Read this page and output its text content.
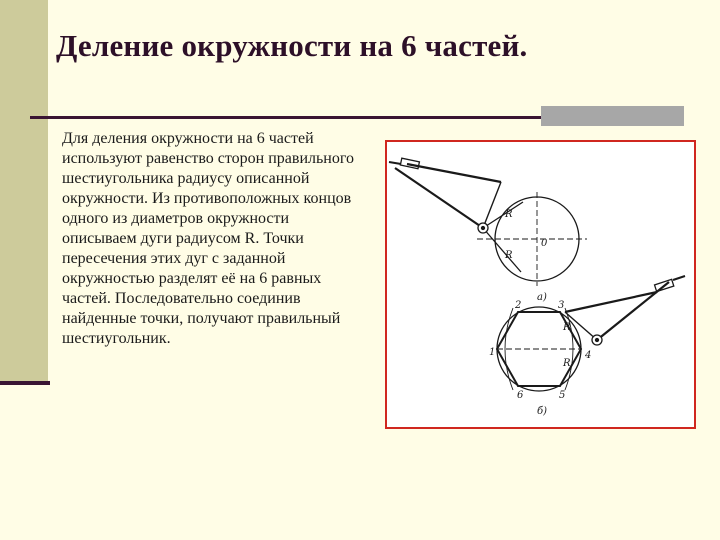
Деление окружности на 6 частей.
Для деления окружности на 6 частей используют равенство сторон правильного шестиугольника радиусу описанной окружности. Из противоположных концов одного из диаметров окружности описываем дуги радиусом R. Точки пересечения этих дуг с заданной окружностью разделят её на 6 равных частей. Последовательно соединив найденные точки, получают правильный шестиугольник.
R
R
0
а)
1
2	3
4
5
6
R
R
б)
